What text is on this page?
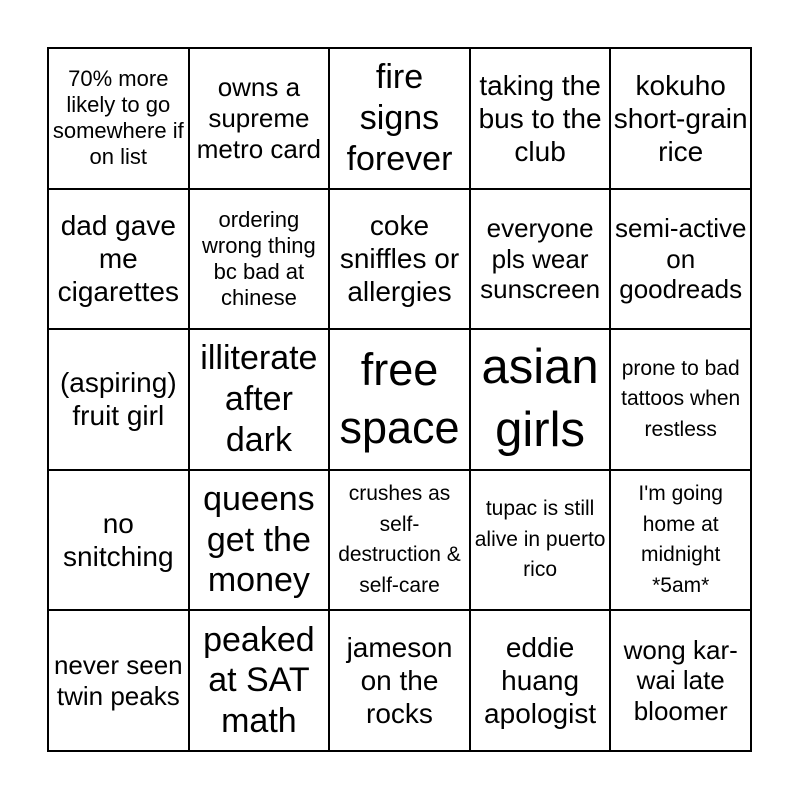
70% more likely to go somewhere if on list
owns a supreme metro card
fire signs forever
taking the bus to the club
kokuho short-grain rice
dad gave me cigarettes
ordering wrong thing bc bad at chinese
coke sniffles or allergies
everyone pls wear sunscreen
semi-active on goodreads
(aspiring) fruit girl
illiterate after dark
free space
asian girls
prone to bad tattoos when restless
no snitching
queens get the money
crushes as self-destruction & self-care
tupac is still alive in puerto rico
I'm going home at midnight *5am*
never seen twin peaks
peaked at SAT math
jameson on the rocks
eddie huang apologist
wong kar-wai late bloomer
